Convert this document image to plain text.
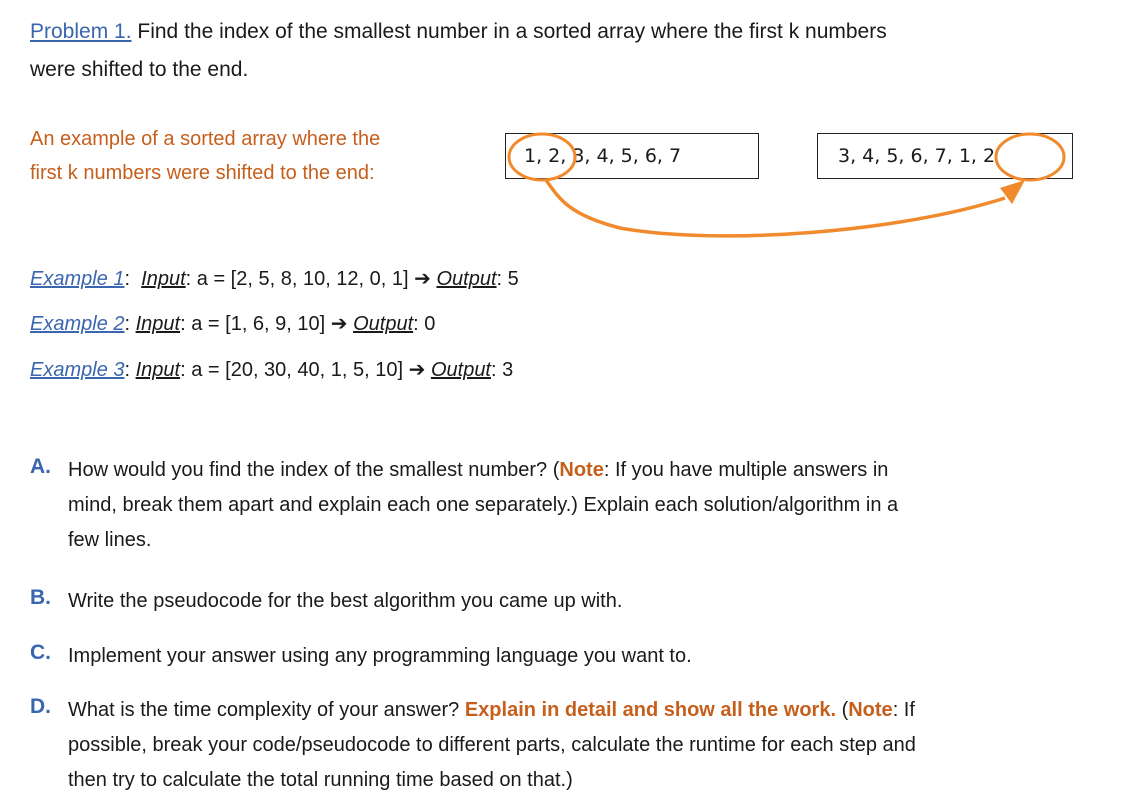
Problem 1. Find the index of the smallest number in a sorted array where the first k numbers
were shifted to the end.
An example of a sorted array where the
first k numbers were shifted to the end:
1, 2, 3, 4, 5, 6, 7	3, 4, 5, 6, 7, 1, 2
Example 1:  Input: a = [2, 5, 8, 10, 12, 0, 1] ➔ Output: 5
Example 2: Input: a = [1, 6, 9, 10] ➔ Output: 0
Example 3: Input: a = [20, 30, 40, 1, 5, 10] ➔ Output: 3
A. How would you find the index of the smallest number? (Note: If you have multiple answers in
mind, break them apart and explain each one separately.) Explain each solution/algorithm in a
few lines.
B. Write the pseudocode for the best algorithm you came up with.
C. Implement your answer using any programming language you want to.
D. What is the time complexity of your answer? Explain in detail and show all the work. (Note: If
possible, break your code/pseudocode to different parts, calculate the runtime for each step and
then try to calculate the total running time based on that.)
